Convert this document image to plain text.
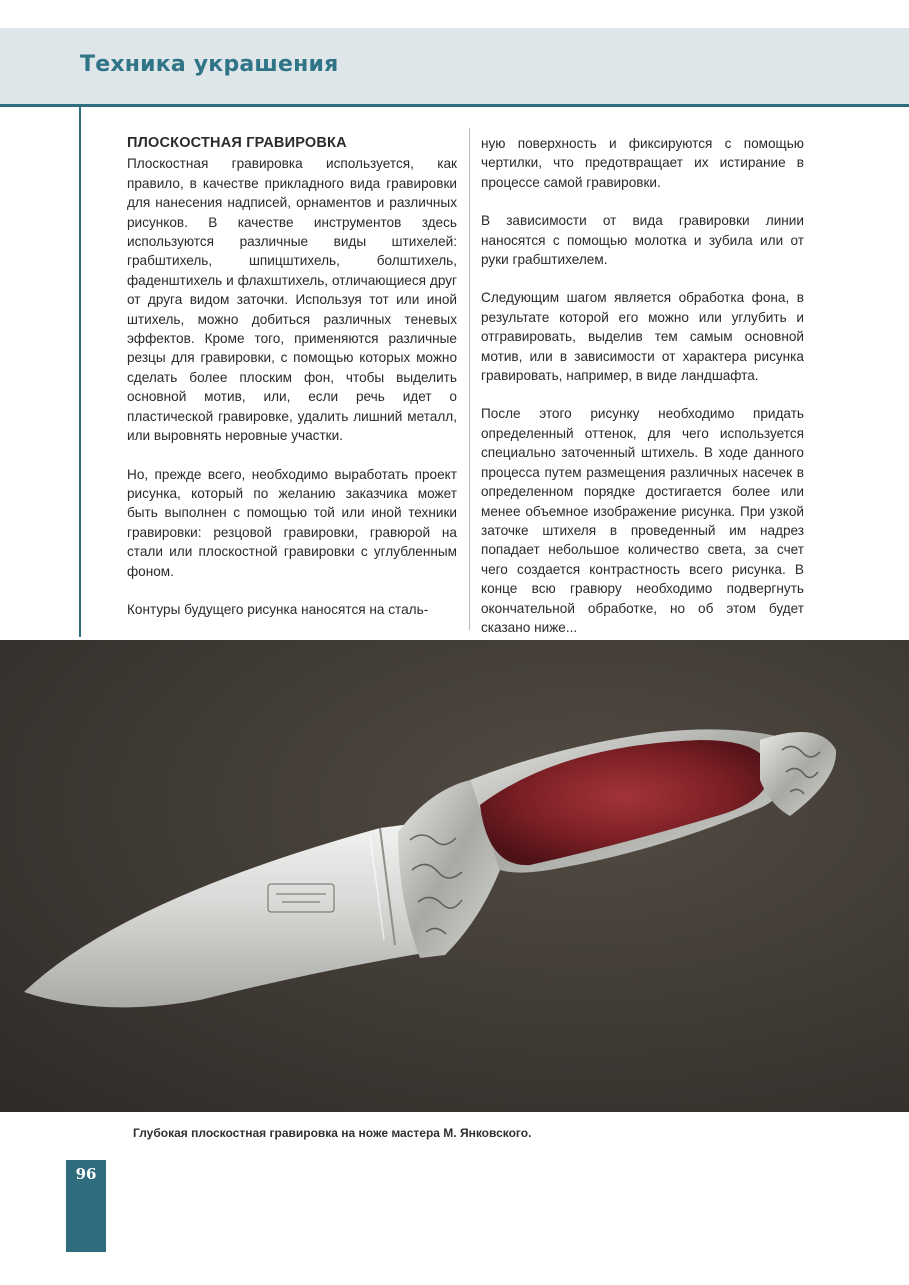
Техника украшения
ПЛОСКОСТНАЯ ГРАВИРОВКА

Плоскостная гравировка используется, как правило, в качестве прикладного вида гравировки для нанесения надписей, орнаментов и различных рисунков. В качестве инструментов здесь используются различные виды штихелей: грабштихель, шпицштихель, болштихель, фаденштихель и флахштихель, отличающиеся друг от друга видом заточки. Используя тот или иной штихель, можно добиться различных теневых эффектов. Кроме того, применяются различные резцы для гравировки, с помощью которых можно сделать более плоским фон, чтобы выделить основной мотив, или, если речь идет о пластической гравировке, удалить лишний металл, или выровнять неровные участки.

Но, прежде всего, необходимо выработать проект рисунка, который по желанию заказчика может быть выполнен с помощью той или иной техники гравировки: резцовой гравировки, гравюрой на стали или плоскостной гравировки с углубленным фоном.

Контуры будущего рисунка наносятся на сталь-

ную поверхность и фиксируются с помощью чертилки, что предотвращает их истирание в процессе самой гравировки.

В зависимости от вида гравировки линии наносятся с помощью молотка и зубила или от руки грабштихелем.

Следующим шагом является обработка фона, в результате которой его можно или углубить и отгравировать, выделив тем самым основной мотив, или в зависимости от характера рисунка гравировать, например, в виде ландшафта.

После этого рисунку необходимо придать определенный оттенок, для чего используется специально заточенный штихель. В ходе данного процесса путем размещения различных насечек в определенном порядке достигается более или менее объемное изображение рисунка. При узкой заточке штихеля в проведенный им надрез попадает небольшое количество света, за счет чего создается контрастность всего рисунка. В конце всю гравюру необходимо подвергнуть окончательной обработке, но об этом будет сказано ниже...

Глубокая плоскостная гравировка на ноже мастера М. Янковского.
96
